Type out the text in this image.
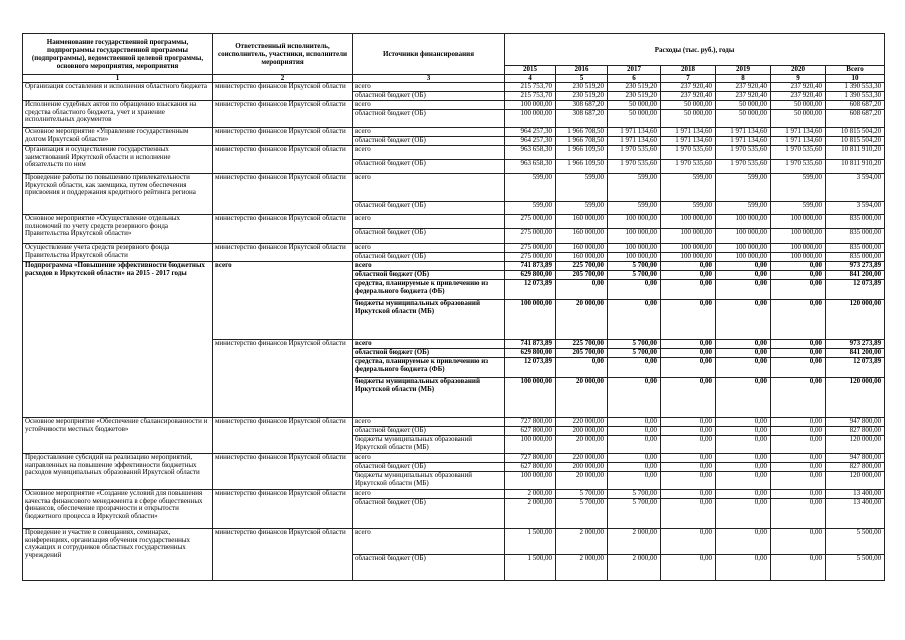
Наименование государственной программы, подпрограммы государственной программы (подпрограммы), ведомственной целевой программы, основного мероприятия, мероприятия	Ответственный исполнитель, соисполнитель, участники, исполнители мероприятия	Источники финансирования	Расходы (тыс. руб.), годы						
			2015	2016	2017	2018	2019	2020	Всего
1	2	3	4	5	6	7	8	9	10
Организация составления и исполнения областного бюджета	министерство финансов Иркутской области	всего	215 753,70	230 519,20	230 519,20	237 920,40	237 920,40	237 920,40	1 390 553,30
		областной бюджет (ОБ)	215 753,70	230 519,20	230 519,20	237 920,40	237 920,40	237 920,40	1 390 553,30
Исполнение судебных актов по обращению взыскания на средства областного бюджета, учет и хранение исполнительных документов	министерство финансов Иркутской области	всего	100 000,00	308 687,20	50 000,00	50 000,00	50 000,00	50 000,00	608 687,20
		областной бюджет (ОБ)	100 000,00	308 687,20	50 000,00	50 000,00	50 000,00	50 000,00	608 687,20
Основное мероприятие «Управление государственным долгом Иркутской области»	министерство финансов Иркутской области	всего	964 257,30	1 966 708,50	1 971 134,60	1 971 134,60	1 971 134,60	1 971 134,60	10 815 504,20
		областной бюджет (ОБ)	964 257,30	1 966 708,50	1 971 134,60	1 971 134,60	1 971 134,60	1 971 134,60	10 815 504,20
Организация и осуществление государственных заимствований Иркутской области и исполнение обязательств по ним	министерство финансов Иркутской области	всего	963 658,30	1 966 109,50	1 970 535,60	1 970 535,60	1 970 535,60	1 970 535,60	10 811 910,20
		областной бюджет (ОБ)	963 658,30	1 966 109,50	1 970 535,60	1 970 535,60	1 970 535,60	1 970 535,60	10 811 910,20
Проведение работы по повышению привлекательности Иркутской области, как заемщика, путем обеспечения присвоения и поддержания кредитного рейтинга региона	министерство финансов Иркутской области	всего	599,00	599,00	599,00	599,00	599,00	599,00	3 594,00
		областной бюджет (ОБ)	599,00	599,00	599,00	599,00	599,00	599,00	3 594,00
Основное мероприятие «Осуществление отдельных полномочий по учету средств резервного фонда Правительства Иркутской области»	министерство финансов Иркутской области	всего	275 000,00	160 000,00	100 000,00	100 000,00	100 000,00	100 000,00	835 000,00
		областной бюджет (ОБ)	275 000,00	160 000,00	100 000,00	100 000,00	100 000,00	100 000,00	835 000,00
Осуществление учета средств резервного фонда Правительства Иркутской области	министерство финансов Иркутской области	всего	275 000,00	160 000,00	100 000,00	100 000,00	100 000,00	100 000,00	835 000,00
		областной бюджет (ОБ)	275 000,00	160 000,00	100 000,00	100 000,00	100 000,00	100 000,00	835 000,00
Подпрограмма «Повышение эффективности бюджетных расходов в Иркутской области» на 2015 - 2017 годы	всего	всего	741 873,89	225 700,00	5 700,00	0,00	0,00	0,00	973 273,89
		областной бюджет (ОБ)	629 800,00	205 700,00	5 700,00	0,00	0,00	0,00	841 200,00
		средства, планируемые к привлечению из федерального бюджета (ФБ)	12 073,89	0,00	0,00	0,00	0,00	0,00	12 073,89
		бюджеты муниципальных образований Иркутской области (МБ)	100 000,00	20 000,00	0,00	0,00	0,00	0,00	120 000,00
	министерство финансов Иркутской области	всего	741 873,89	225 700,00	5 700,00	0,00	0,00	0,00	973 273,89
		областной бюджет (ОБ)	629 800,00	205 700,00	5 700,00	0,00	0,00	0,00	841 200,00
		средства, планируемые к привлечению из федерального бюджета (ФБ)	12 073,89	0,00	0,00	0,00	0,00	0,00	12 073,89
		бюджеты муниципальных образований Иркутской области (МБ)	100 000,00	20 000,00	0,00	0,00	0,00	0,00	120 000,00
Основное мероприятие «Обеспечение сбалансированности и устойчивости местных бюджетов»	министерство финансов Иркутской области	всего	727 800,00	220 000,00	0,00	0,00	0,00	0,00	947 800,00
		областной бюджет (ОБ)	627 800,00	200 000,00	0,00	0,00	0,00	0,00	827 800,00
		бюджеты муниципальных образований Иркутской области (МБ)	100 000,00	20 000,00	0,00	0,00	0,00	0,00	120 000,00
Предоставление субсидий на реализацию мероприятий, направленных на повышение эффективности бюджетных расходов муниципальных образований Иркутской области	министерство финансов Иркутской области	всего	727 800,00	220 000,00	0,00	0,00	0,00	0,00	947 800,00
		областной бюджет (ОБ)	627 800,00	200 000,00	0,00	0,00	0,00	0,00	827 800,00
		бюджеты муниципальных образований Иркутской области (МБ)	100 000,00	20 000,00	0,00	0,00	0,00	0,00	120 000,00
Основное мероприятие «Создание условий для повышения качества финансового менеджмента в сфере общественных финансов, обеспечение прозрачности и открытости бюджетного процесса в Иркутской области»	министерство финансов Иркутской области	всего	2 000,00	5 700,00	5 700,00	0,00	0,00	0,00	13 400,00
		областной бюджет (ОБ)	2 000,00	5 700,00	5 700,00	0,00	0,00	0,00	13 400,00
Проведение и участие в совещаниях, семинарах, конференциях, организация обучения государственных служащих и сотрудников областных государственных учреждений	министерство финансов Иркутской области	всего	1 500,00	2 000,00	2 000,00	0,00	0,00	0,00	5 500,00
		областной бюджет (ОБ)	1 500,00	2 000,00	2 000,00	0,00	0,00	0,00	5 500,00
